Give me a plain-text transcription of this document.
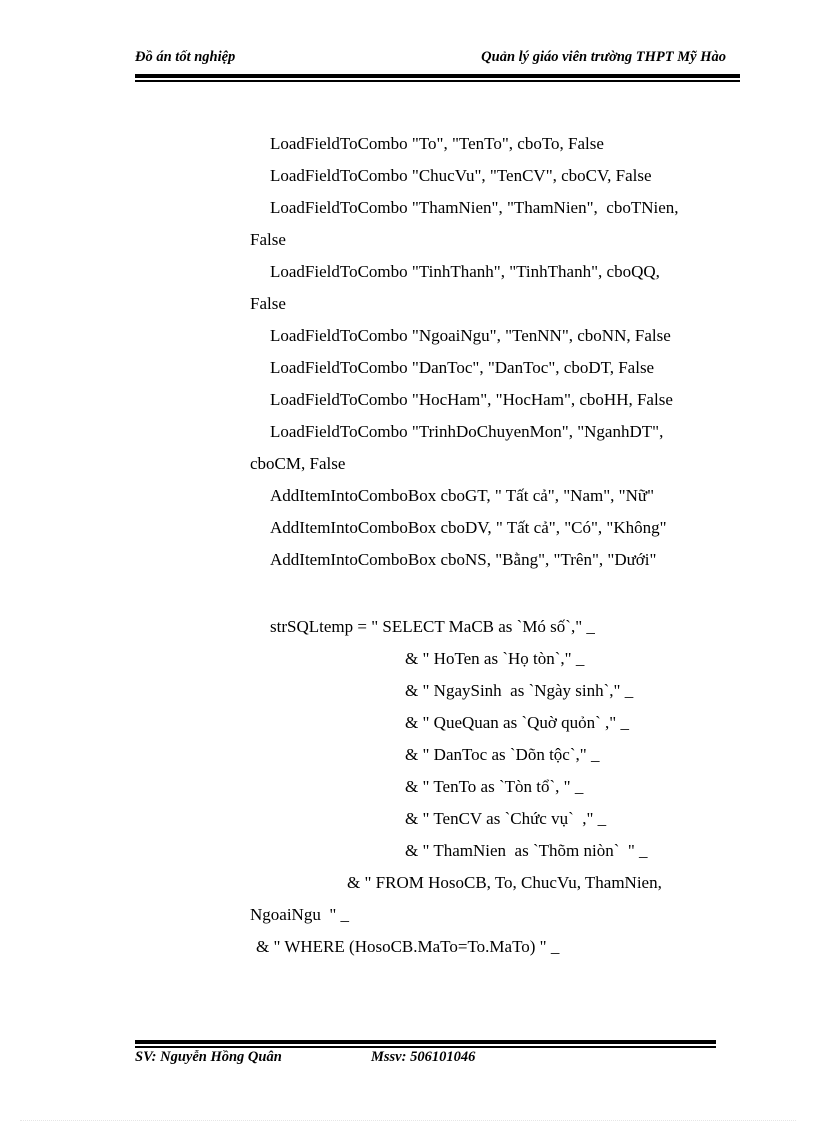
Đồ án tốt nghiệp	Quản lý giáo viên trường THPT Mỹ Hào
LoadFieldToCombo "To", "TenTo", cboTo, False
LoadFieldToCombo "ChucVu", "TenCV", cboCV, False
LoadFieldToCombo "ThamNien", "ThamNien",  cboTNien,
False
LoadFieldToCombo "TinhThanh", "TinhThanh", cboQQ,
False
LoadFieldToCombo "NgoaiNgu", "TenNN", cboNN, False
LoadFieldToCombo "DanToc", "DanToc", cboDT, False
LoadFieldToCombo "HocHam", "HocHam", cboHH, False
LoadFieldToCombo "TrinhDoChuyenMon", "NganhDT",
cboCM, False
AddItemIntoComboBox cboGT, " Tất cả", "Nam", "Nữ"
AddItemIntoComboBox cboDV, " Tất cả", "Có", "Không"
AddItemIntoComboBox cboNS, "Bằng", "Trên", "Dưới"
strSQLtemp = " SELECT MaCB as `Mó số`," _
& " HoTen as `Họ tòn`," _
& " NgaySinh  as `Ngày sinh`," _
& " QueQuan as `Quờ quỏn` ," _
& " DanToc as `Dõn tộc`," _
& " TenTo as `Tòn tổ`, " _
& " TenCV as `Chức vụ`  ," _
& " ThamNien  as `Thõm niòn`  " _
& " FROM HosoCB, To, ChucVu, ThamNien,
NgoaiNgu  " _
& " WHERE (HosoCB.MaTo=To.MaTo) " _
SV: Nguyễn Hồng Quân	Mssv: 506101046
